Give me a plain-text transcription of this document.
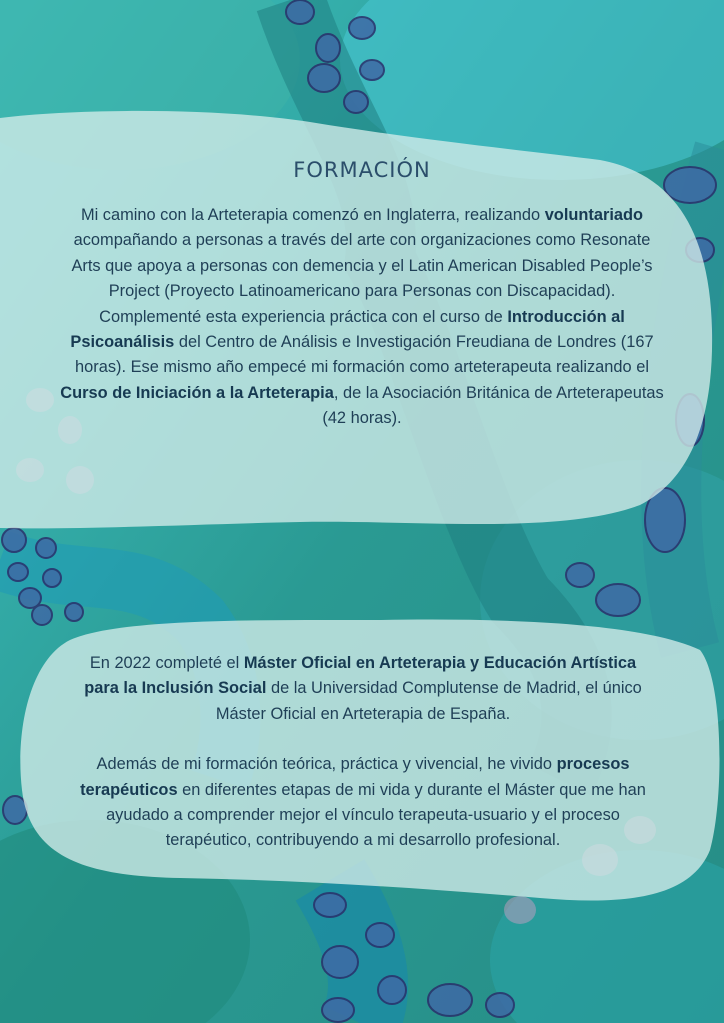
FORMACIÓN

Mi camino con la Arteterapia comenzó en Inglaterra, realizando voluntariado acompañando a personas a través del arte con organizaciones como Resonate Arts que apoya a personas con demencia y el Latin American Disabled People’s Project (Proyecto Latinoamericano para Personas con Discapacidad). Complementé esta experiencia práctica con el curso de Introducción al Psicoanálisis del Centro de Análisis e Investigación Freudiana de Londres (167 horas). Ese mismo año empecé mi formación como arteterapeuta realizando el Curso de Iniciación a la Arteterapia, de la Asociación Británica de Arteterapeutas (42 horas).

En 2022 completé el Máster Oficial en Arteterapia y Educación Artística para la Inclusión Social de la Universidad Complutense de Madrid, el único Máster Oficial en Arteterapia de España.

Además de mi formación teórica, práctica y vivencial, he vivido procesos terapéuticos en diferentes etapas de mi vida y durante el Máster que me han ayudado a comprender mejor el vínculo terapeuta-usuario y el proceso terapéutico, contribuyendo a mi desarrollo profesional.
